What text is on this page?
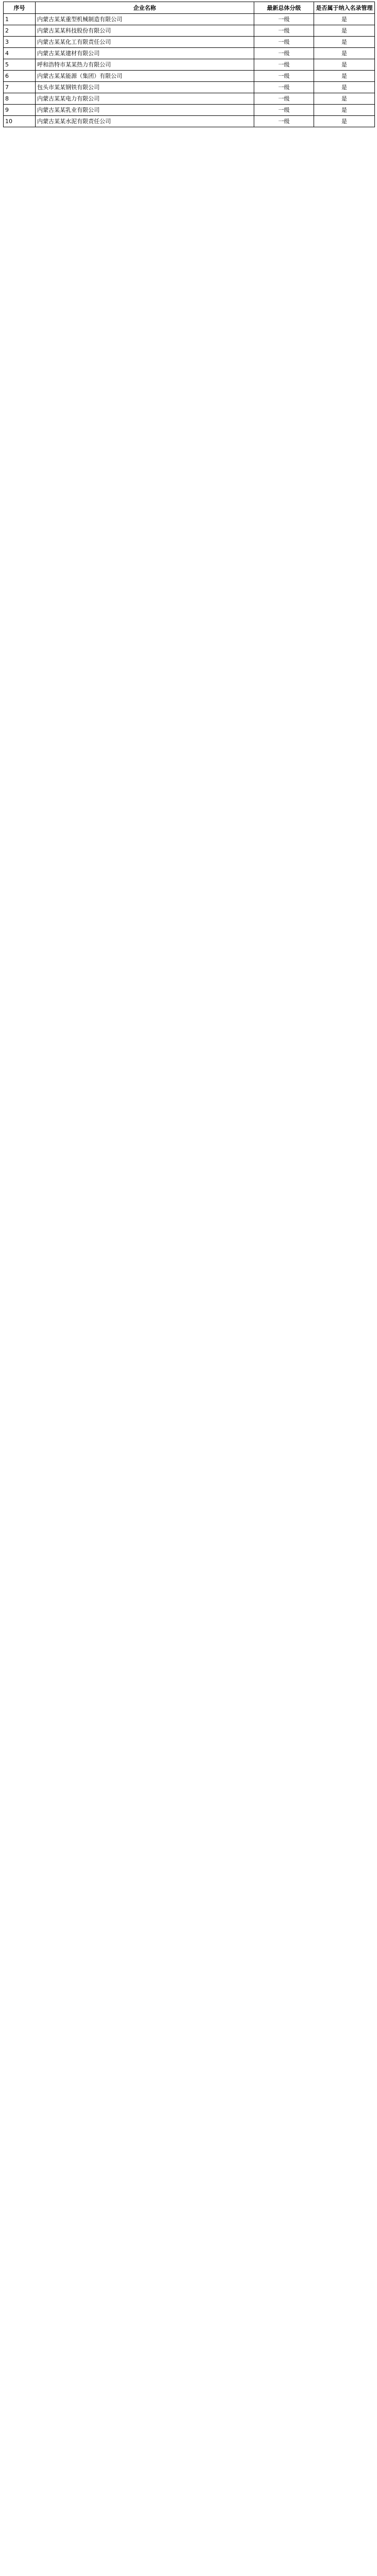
序号	企业名称	最新总体分级	是否属于纳入名录管理
1	内蒙古某某重型机械制造有限公司	一级	是
2	内蒙古某某科技股份有限公司	一级	是
3	内蒙古某某化工有限责任公司	一级	是
4	内蒙古某某建材有限公司	一级	是
5	呼和浩特市某某热力有限公司	一级	是
6	内蒙古某某能源（集团）有限公司	一级	是
7	包头市某某钢铁有限公司	一级	是
8	内蒙古某某电力有限公司	一级	是
9	内蒙古某某乳业有限公司	一级	是
10	内蒙古某某水泥有限责任公司	一级	是
